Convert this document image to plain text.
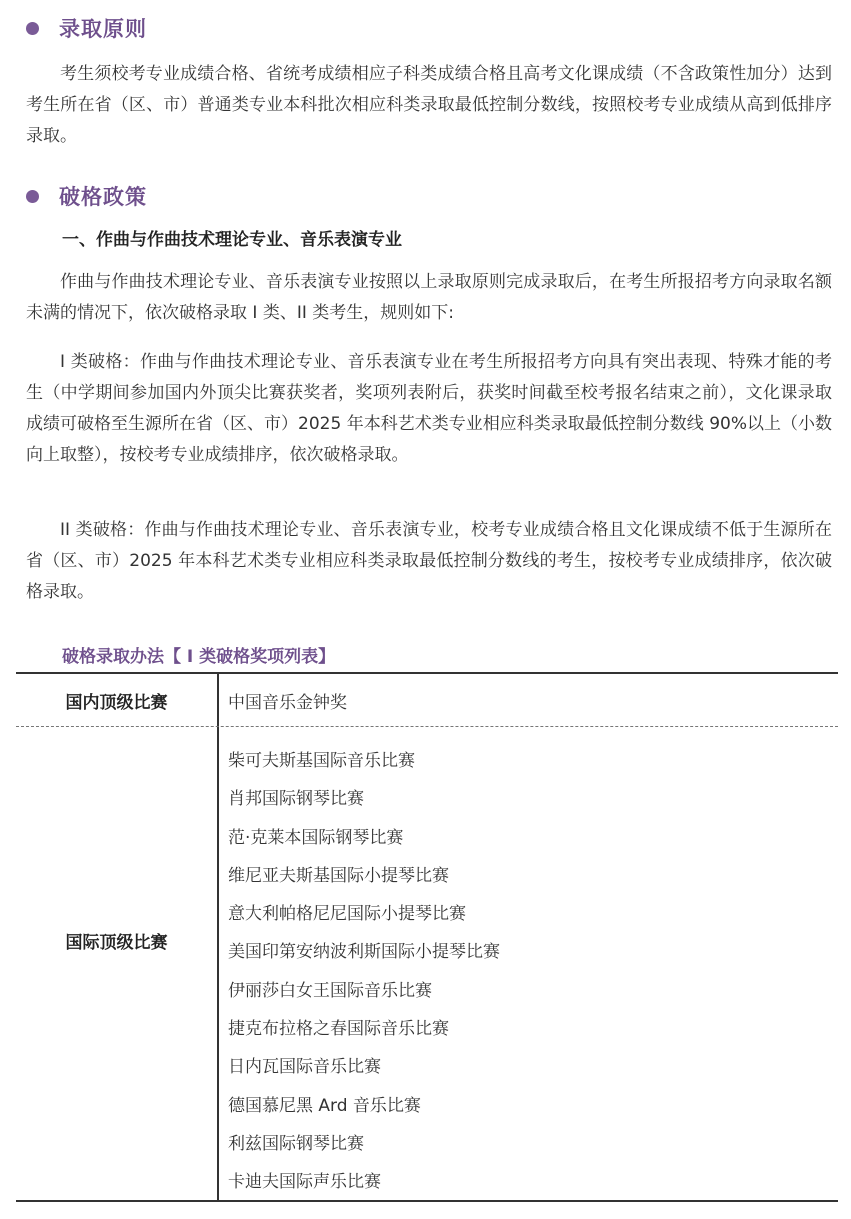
录取原则

考生须校考专业成绩合格、省统考成绩相应子科类成绩合格且高考文化课成绩（不含政策性加分）达到考生所在省（区、市）普通类专业本科批次相应科类录取最低控制分数线，按照校考专业成绩从高到低排序录取。

破格政策
一、作曲与作曲技术理论专业、音乐表演专业

作曲与作曲技术理论专业、音乐表演专业按照以上录取原则完成录取后，在考生所报招考方向录取名额未满的情况下，依次破格录取 I 类、II 类考生，规则如下:

I 类破格：作曲与作曲技术理论专业、音乐表演专业在考生所报招考方向具有突出表现、特殊才能的考生（中学期间参加国内外顶尖比赛获奖者，奖项列表附后，获奖时间截至校考报名结束之前），文化课录取成绩可破格至生源所在省（区、市）2025 年本科艺术类专业相应科类录取最低控制分数线 90%以上（小数向上取整），按校考专业成绩排序，依次破格录取。

II 类破格：作曲与作曲技术理论专业、音乐表演专业，校考专业成绩合格且文化课成绩不低于生源所在省（区、市）2025 年本科艺术类专业相应科类录取最低控制分数线的考生，按校考专业成绩排序，依次破格录取。

破格录取办法【 I 类破格奖项列表】
国内顶级比赛	中国音乐金钟奖
国际顶级比赛
柴可夫斯基国际音乐比赛
肖邦国际钢琴比赛
范·克莱本国际钢琴比赛
维尼亚夫斯基国际小提琴比赛
意大利帕格尼尼国际小提琴比赛
美国印第安纳波利斯国际小提琴比赛
伊丽莎白女王国际音乐比赛
捷克布拉格之春国际音乐比赛
日内瓦国际音乐比赛
德国慕尼黑 Ard 音乐比赛
利兹国际钢琴比赛
卡迪夫国际声乐比赛
